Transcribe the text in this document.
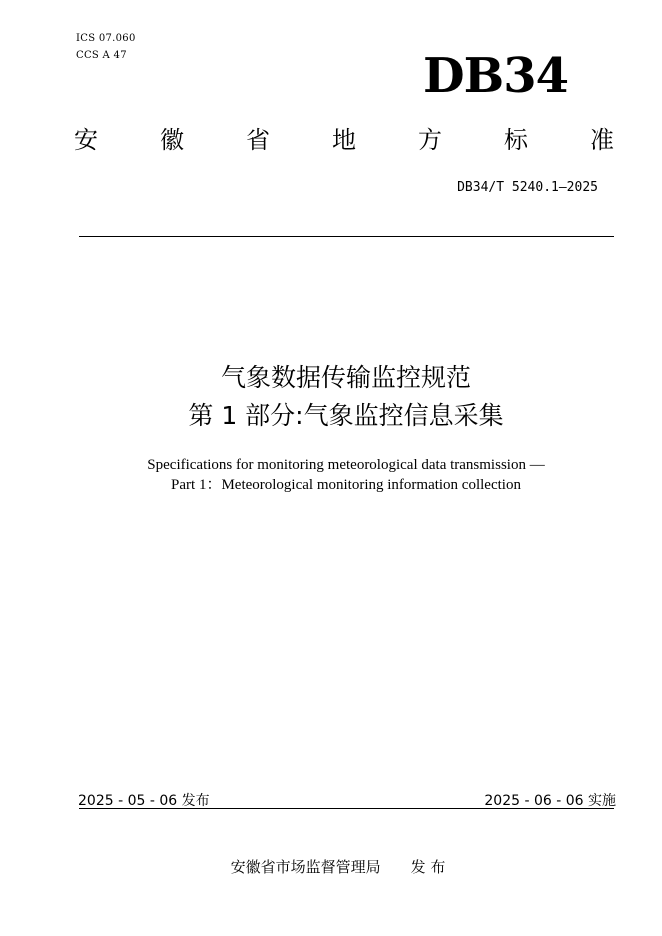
ICS 07.060
CCS A 47	DB34
安	徽	省	地	方	标	准
DB34/T 5240.1—2025
气象数据传输监控规范
第 1 部分:气象监控信息采集
Specifications for monitoring meteorological data transmission —
Part 1：Meteorological monitoring information collection
2025 - 05 - 06 发布	2025 - 06 - 06 实施
安徽省市场监督管理局 发 布
